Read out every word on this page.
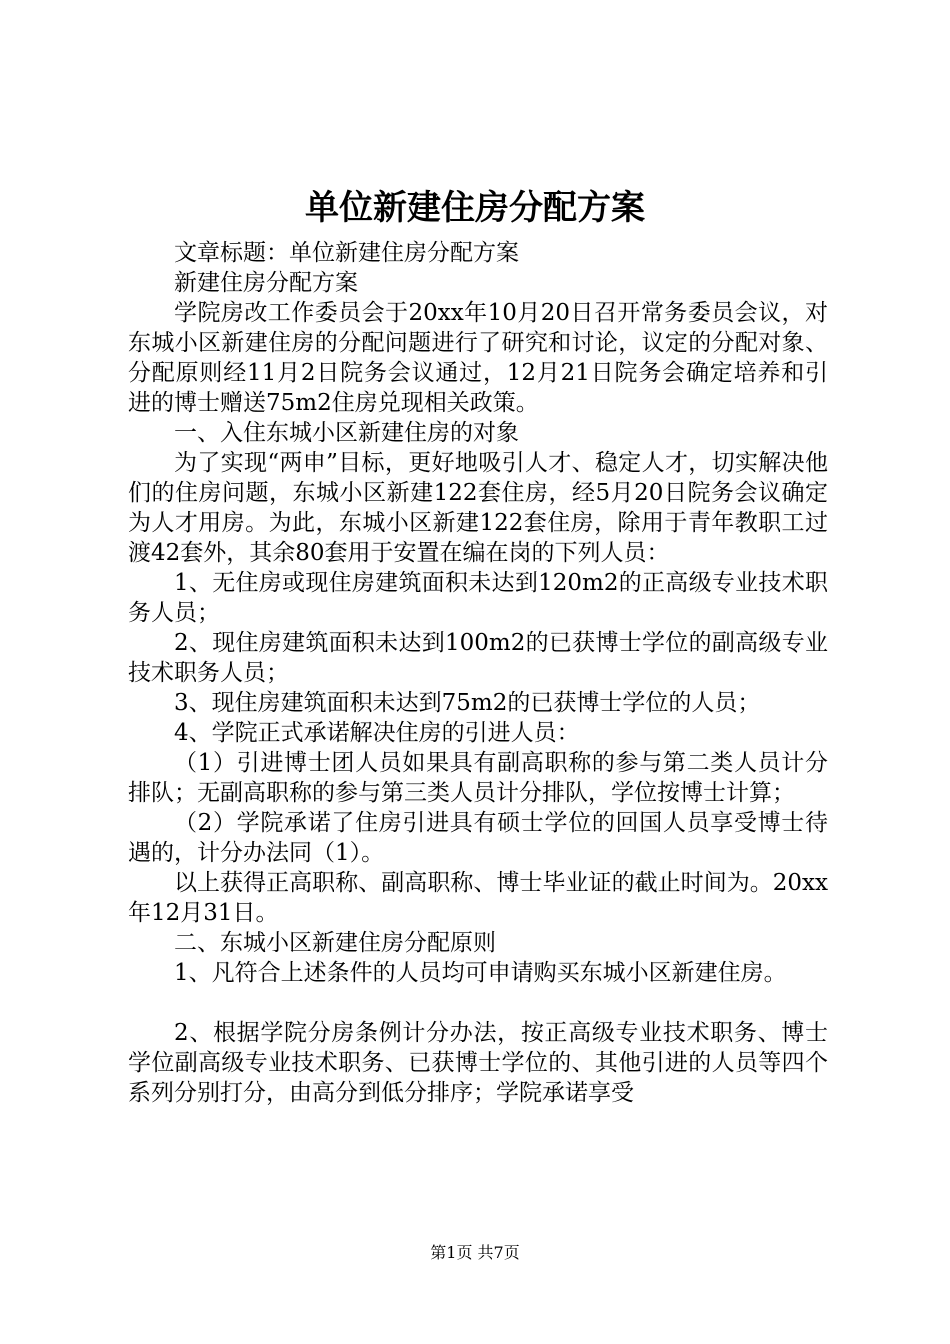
单位新建住房分配方案

文章标题：单位新建住房分配方案

新建住房分配方案

学院房改工作委员会于20xx年10月20日召开常务委员会议，对东城小区新建住房的分配问题进行了研究和讨论，议定的分配对象、分配原则经11月2日院务会议通过，12月21日院务会确定培养和引进的博士赠送75m2住房兑现相关政策。

一、入住东城小区新建住房的对象

为了实现“两申”目标，更好地吸引人才、稳定人才，切实解决他们的住房问题，东城小区新建122套住房，经5月20日院务会议确定为人才用房。为此，东城小区新建122套住房，除用于青年教职工过渡42套外，其余80套用于安置在编在岗的下列人员：

1、无住房或现住房建筑面积未达到120m2的正高级专业技术职务人员；

2、现住房建筑面积未达到100m2的已获博士学位的副高级专业技术职务人员；

3、现住房建筑面积未达到75m2的已获博士学位的人员；

4、学院正式承诺解决住房的引进人员：

（1）引进博士团人员如果具有副高职称的参与第二类人员计分排队；无副高职称的参与第三类人员计分排队，学位按博士计算；

（2）学院承诺了住房引进具有硕士学位的回国人员享受博士待遇的，计分办法同（1）。

以上获得正高职称、副高职称、博士毕业证的截止时间为。20xx年12月31日。

二、东城小区新建住房分配原则

1、凡符合上述条件的人员均可申请购买东城小区新建住房。

2、根据学院分房条例计分办法，按正高级专业技术职务、博士学位副高级专业技术职务、已获博士学位的、其他引进的人员等四个系列分别打分，由高分到低分排序；学院承诺享受

第1页 共7页
